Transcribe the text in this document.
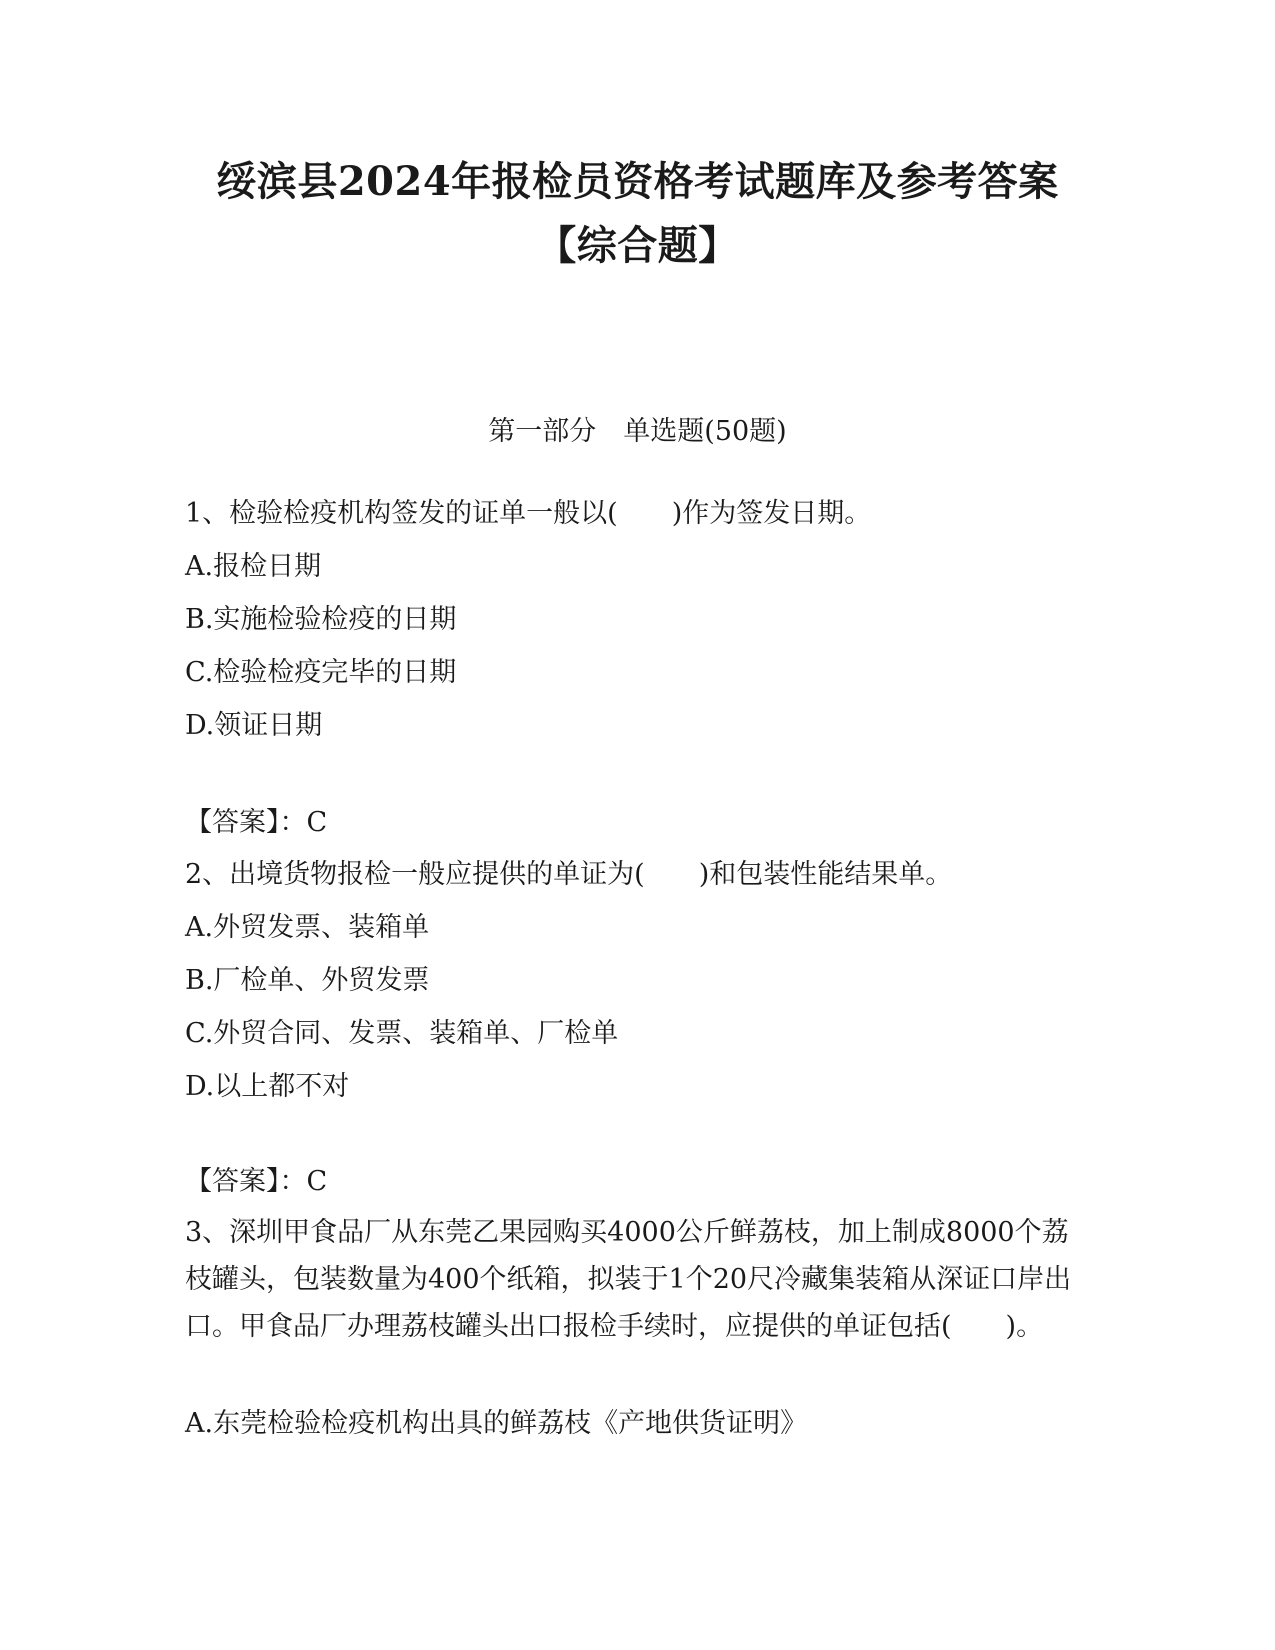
绥滨县2024年报检员资格考试题库及参考答案【综合题】
第一部分　单选题(50题)
1、检验检疫机构签发的证单一般以(　　)作为签发日期。
A.报检日期
B.实施检验检疫的日期
C.检验检疫完毕的日期
D.领证日期
【答案】：C
2、出境货物报检一般应提供的单证为(　　)和包装性能结果单。
A.外贸发票、装箱单
B.厂检单、外贸发票
C.外贸合同、发票、装箱单、厂检单
D.以上都不对
【答案】：C
3、深圳甲食品厂从东莞乙果园购买4000公斤鲜荔枝，加上制成8000个荔枝罐头，包装数量为400个纸箱，拟装于1个20尺冷藏集装箱从深证口岸出口。甲食品厂办理荔枝罐头出口报检手续时，应提供的单证包括(　　)。
A.东莞检验检疫机构出具的鲜荔枝《产地供货证明》
